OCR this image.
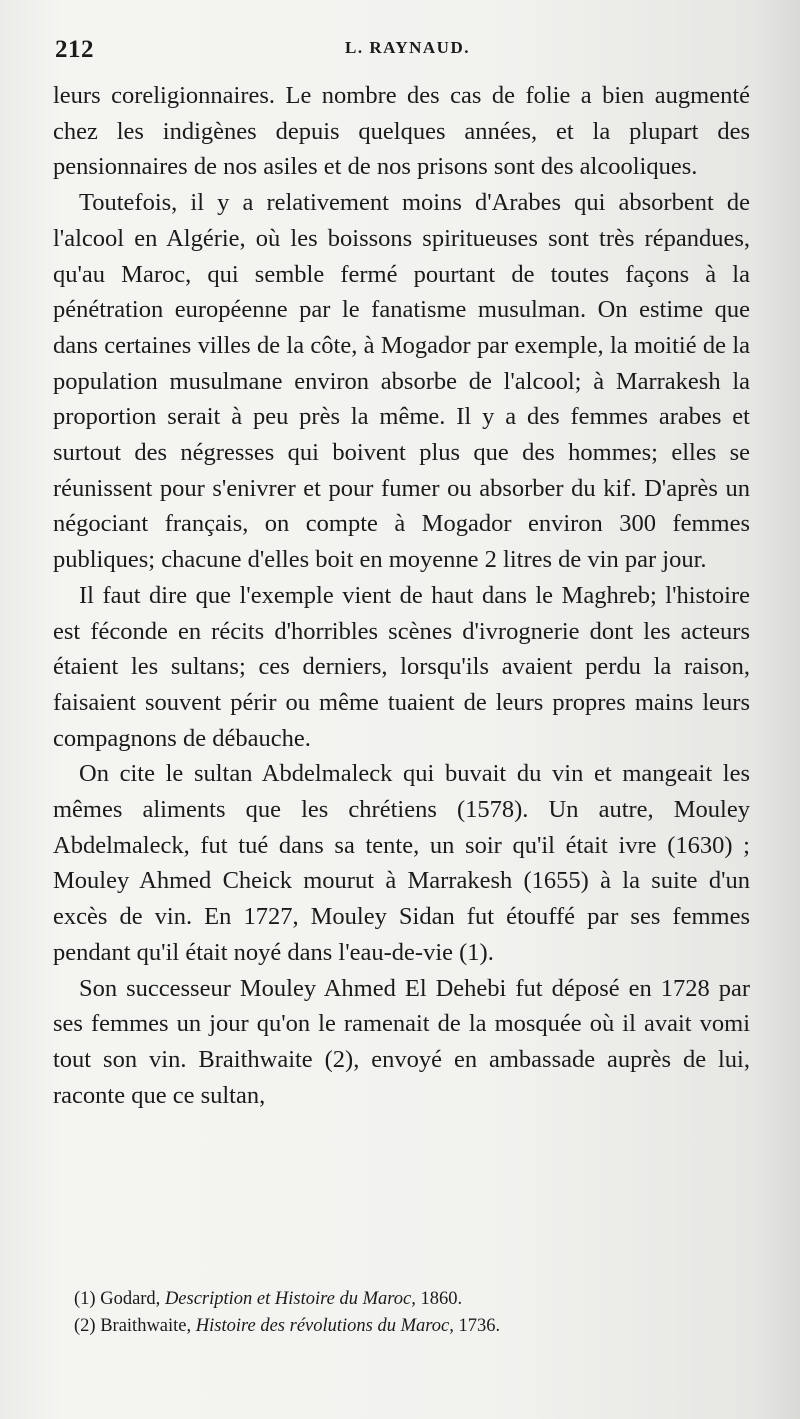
212	L. RAYNAUD.

leurs coreligionnaires. Le nombre des cas de folie a bien augmenté chez les indigènes depuis quelques années, et la plupart des pensionnaires de nos asiles et de nos prisons sont des alcooliques.

Toutefois, il y a relativement moins d'Arabes qui absorbent de l'alcool en Algérie, où les boissons spiritueuses sont très répandues, qu'au Maroc, qui semble fermé pourtant de toutes façons à la pénétration européenne par le fanatisme musulman. On estime que dans certaines villes de la côte, à Mogador par exemple, la moitié de la population musulmane environ absorbe de l'alcool; à Marrakesh la proportion serait à peu près la même. Il y a des femmes arabes et surtout des négresses qui boivent plus que des hommes; elles se réunissent pour s'enivrer et pour fumer ou absorber du kif. D'après un négociant français, on compte à Mogador environ 300 femmes publiques; chacune d'elles boit en moyenne 2 litres de vin par jour.

Il faut dire que l'exemple vient de haut dans le Maghreb; l'histoire est féconde en récits d'horribles scènes d'ivrognerie dont les acteurs étaient les sultans; ces derniers, lorsqu'ils avaient perdu la raison, faisaient souvent périr ou même tuaient de leurs propres mains leurs compagnons de débauche.

On cite le sultan Abdelmaleck qui buvait du vin et mangeait les mêmes aliments que les chrétiens (1578). Un autre, Mouley Abdelmaleck, fut tué dans sa tente, un soir qu'il était ivre (1630) ; Mouley Ahmed Cheick mourut à Marrakesh (1655) à la suite d'un excès de vin. En 1727, Mouley Sidan fut étouffé par ses femmes pendant qu'il était noyé dans l'eau-de-vie (1).

Son successeur Mouley Ahmed El Dehebi fut déposé en 1728 par ses femmes un jour qu'on le ramenait de la mosquée où il avait vomi tout son vin. Braithwaite (2), envoyé en ambassade auprès de lui, raconte que ce sultan,

(1) Godard, Description et Histoire du Maroc, 1860.

(2) Braithwaite, Histoire des révolutions du Maroc, 1736.
